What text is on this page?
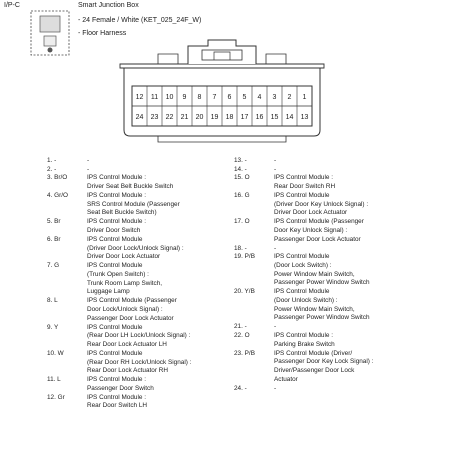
I/P-C	Smart Junction Box
- 24 Female / White (KET_025_24F_W)
- Floor Harness
12 11 10 9 8 7 6 5 4 3 2 1
24 23 22 21 20 19 18 17 16 15 14 13
1. -	-
2. -	-
3. Br/O	IPS Control Module :
Driver Seat Belt Buckle Switch
4. Gr/O	IPS Control Module :
SRS Control Module (Passenger
Seat Belt Buckle Switch)
5. Br	IPS Control Module :
Driver Door Switch
6. Br	IPS Control Module
(Driver Door Lock/Unlock Signal) :
Driver Door Lock Actuator
7. G	IPS Control Module
(Trunk Open Switch) :
Trunk Room Lamp Switch,
Luggage Lamp
8. L	IPS Control Module (Passenger
Door Lock/Unlock Signal) :
Passenger Door Lock Actuator
9. Y	IPS Control Module
(Rear Door LH Lock/Unlock Signal) :
Rear Door Lock Actuator LH
10. W	IPS Control Module
(Rear Door RH Lock/Unlock Signal) :
Rear Door Lock Actuator RH
11. L	IPS Control Module :
Passenger Door Switch
12. Gr	IPS Control Module :
Rear Door Switch LH
13. -	-
14. -	-
15. O	IPS Control Module :
Rear Door Switch RH
16. G	IPS Control Module
(Driver Door Key Unlock Signal) :
Driver Door Lock Actuator
17. O	IPS Control Module (Passenger
Door Key Unlock Signal) :
Passenger Door Lock Actuator
18. -	-
19. P/B	IPS Control Module
(Door Lock Switch) :
Power Window Main Switch,
Passenger Power Window Switch
20. Y/B	IPS Control Module
(Door Unlock Switch) :
Power Window Main Switch,
Passenger Power Window Switch
21. -	-
22. O	IPS Control Module :
Parking Brake Switch
23. P/B	IPS Control Module (Driver/
Passenger Door Key Lock Signal) :
Driver/Passenger Door Lock
Actuator
24. -	-
